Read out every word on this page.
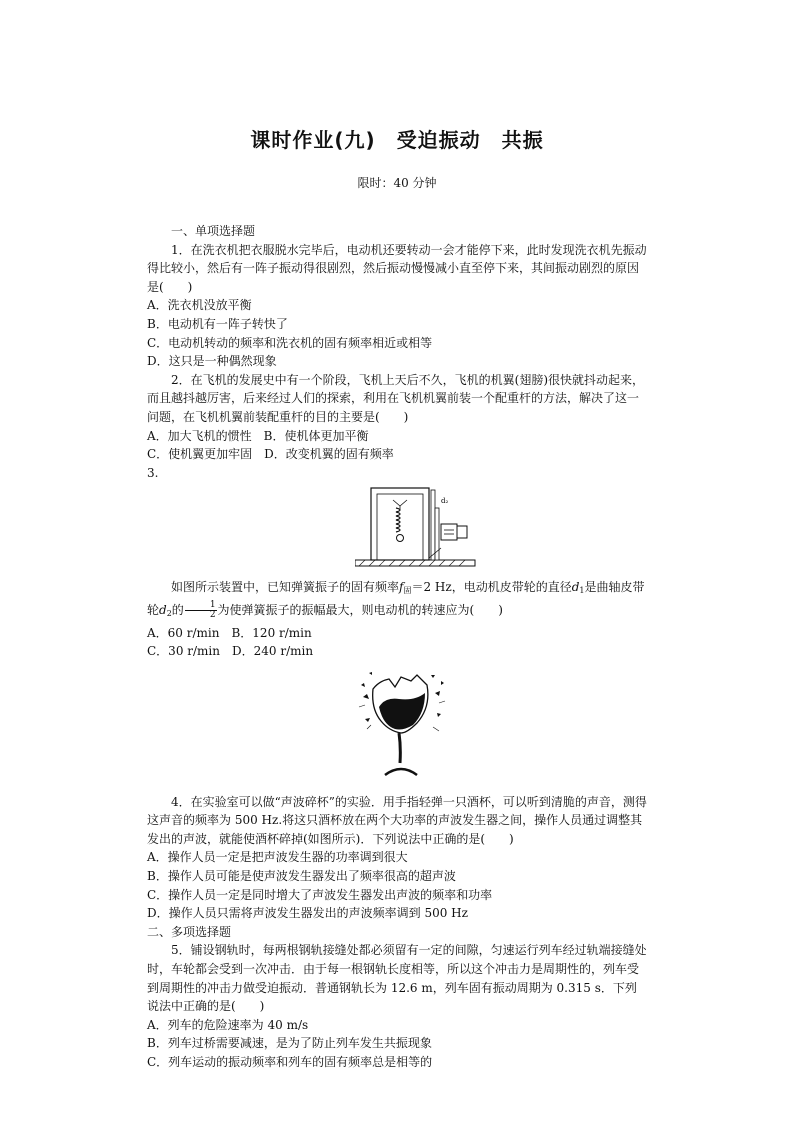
课时作业(九)　受迫振动　共振
限时：40 分钟

一、单项选择题

1．在洗衣机把衣服脱水完毕后，电动机还要转动一会才能停下来，此时发现洗衣机先振动得比较小，然后有一阵子振动得很剧烈，然后振动慢慢减小直至停下来，其间振动剧烈的原因是(　　)

A．洗衣机没放平衡

B．电动机有一阵子转快了

C．电动机转动的频率和洗衣机的固有频率相近或相等

D．这只是一种偶然现象

2．在飞机的发展史中有一个阶段，飞机上天后不久，飞机的机翼(翅膀)很快就抖动起来，而且越抖越厉害，后来经过人们的探索，利用在飞机机翼前装一个配重杆的方法，解决了这一问题，在飞机机翼前装配重杆的目的主要是(　　)

A．加大飞机的惯性　B．使机体更加平衡

C．使机翼更加牢固　D．改变机翼的固有频率

3.

d₂

如图所示装置中，已知弹簧振子的固有频率$f_固=2$ Hz，电动机皮带轮的直径$d_1$是曲轴皮带轮$d_2$的 $\frac{1}{2}$ 为使弹簧振子的振幅最大，则电动机的转速应为(　　)

A．60 r/min　B．120 r/min

C．30 r/min　D．240 r/min

4．在实验室可以做“声波碎杯”的实验．用手指轻弹一只酒杯，可以听到清脆的声音，测得这声音的频率为 500 Hz.将这只酒杯放在两个大功率的声波发生器之间，操作人员通过调整其发出的声波，就能使酒杯碎掉(如图所示)．下列说法中正确的是(　　)

A．操作人员一定是把声波发生器的功率调到很大

B．操作人员可能是使声波发生器发出了频率很高的超声波

C．操作人员一定是同时增大了声波发生器发出声波的频率和功率

D．操作人员只需将声波发生器发出的声波频率调到 500 Hz

二、多项选择题

5．铺设钢轨时，每两根钢轨接缝处都必须留有一定的间隙，匀速运行列车经过轨端接缝处时，车轮都会受到一次冲击．由于每一根钢轨长度相等，所以这个冲击力是周期性的，列车受到周期性的冲击力做受迫振动．普通钢轨长为 12.6 m，列车固有振动周期为 0.315 s．下列说法中正确的是(　　)

A．列车的危险速率为 40 m/s

B．列车过桥需要减速，是为了防止列车发生共振现象

C．列车运动的振动频率和列车的固有频率总是相等的
